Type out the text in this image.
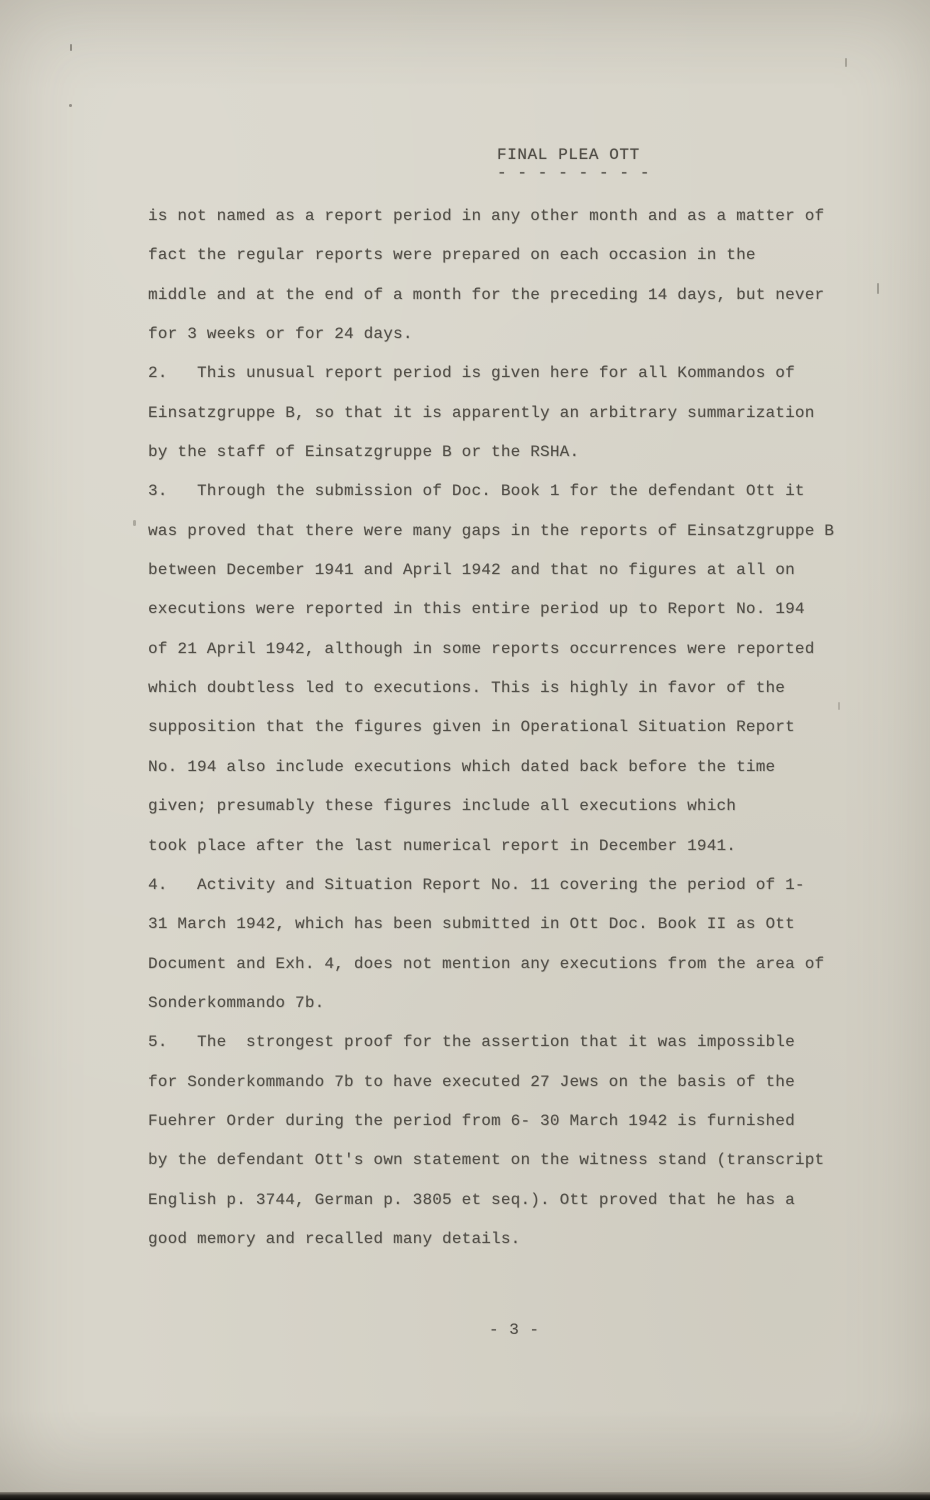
FINAL PLEA OTT
- - - - - - - -
is not named as a report period in any other month and as a matter of
fact the regular reports were prepared on each occasion in the
middle and at the end of a month for the preceding 14 days, but never
for 3 weeks or for 24 days.
2.   This unusual report period is given here for all Kommandos of
Einsatzgruppe B, so that it is apparently an arbitrary summarization
by the staff of Einsatzgruppe B or the RSHA.
3.   Through the submission of Doc. Book 1 for the defendant Ott it
was proved that there were many gaps in the reports of Einsatzgruppe B
between December 1941 and April 1942 and that no figures at all on
executions were reported in this entire period up to Report No. 194
of 21 April 1942, although in some reports occurrences were reported
which doubtless led to executions. This is highly in favor of the
supposition that the figures given in Operational Situation Report
No. 194 also include executions which dated back before the time
given; presumably these figures include all executions which
took place after the last numerical report in December 1941.
4.   Activity and Situation Report No. 11 covering the period of 1-
31 March 1942, which has been submitted in Ott Doc. Book II as Ott
Document and Exh. 4, does not mention any executions from the area of
Sonderkommando 7b.
5.   The  strongest proof for the assertion that it was impossible
for Sonderkommando 7b to have executed 27 Jews on the basis of the
Fuehrer Order during the period from 6- 30 March 1942 is furnished
by the defendant Ott's own statement on the witness stand (transcript
English p. 3744, German p. 3805 et seq.). Ott proved that he has a
good memory and recalled many details.
- 3 -
